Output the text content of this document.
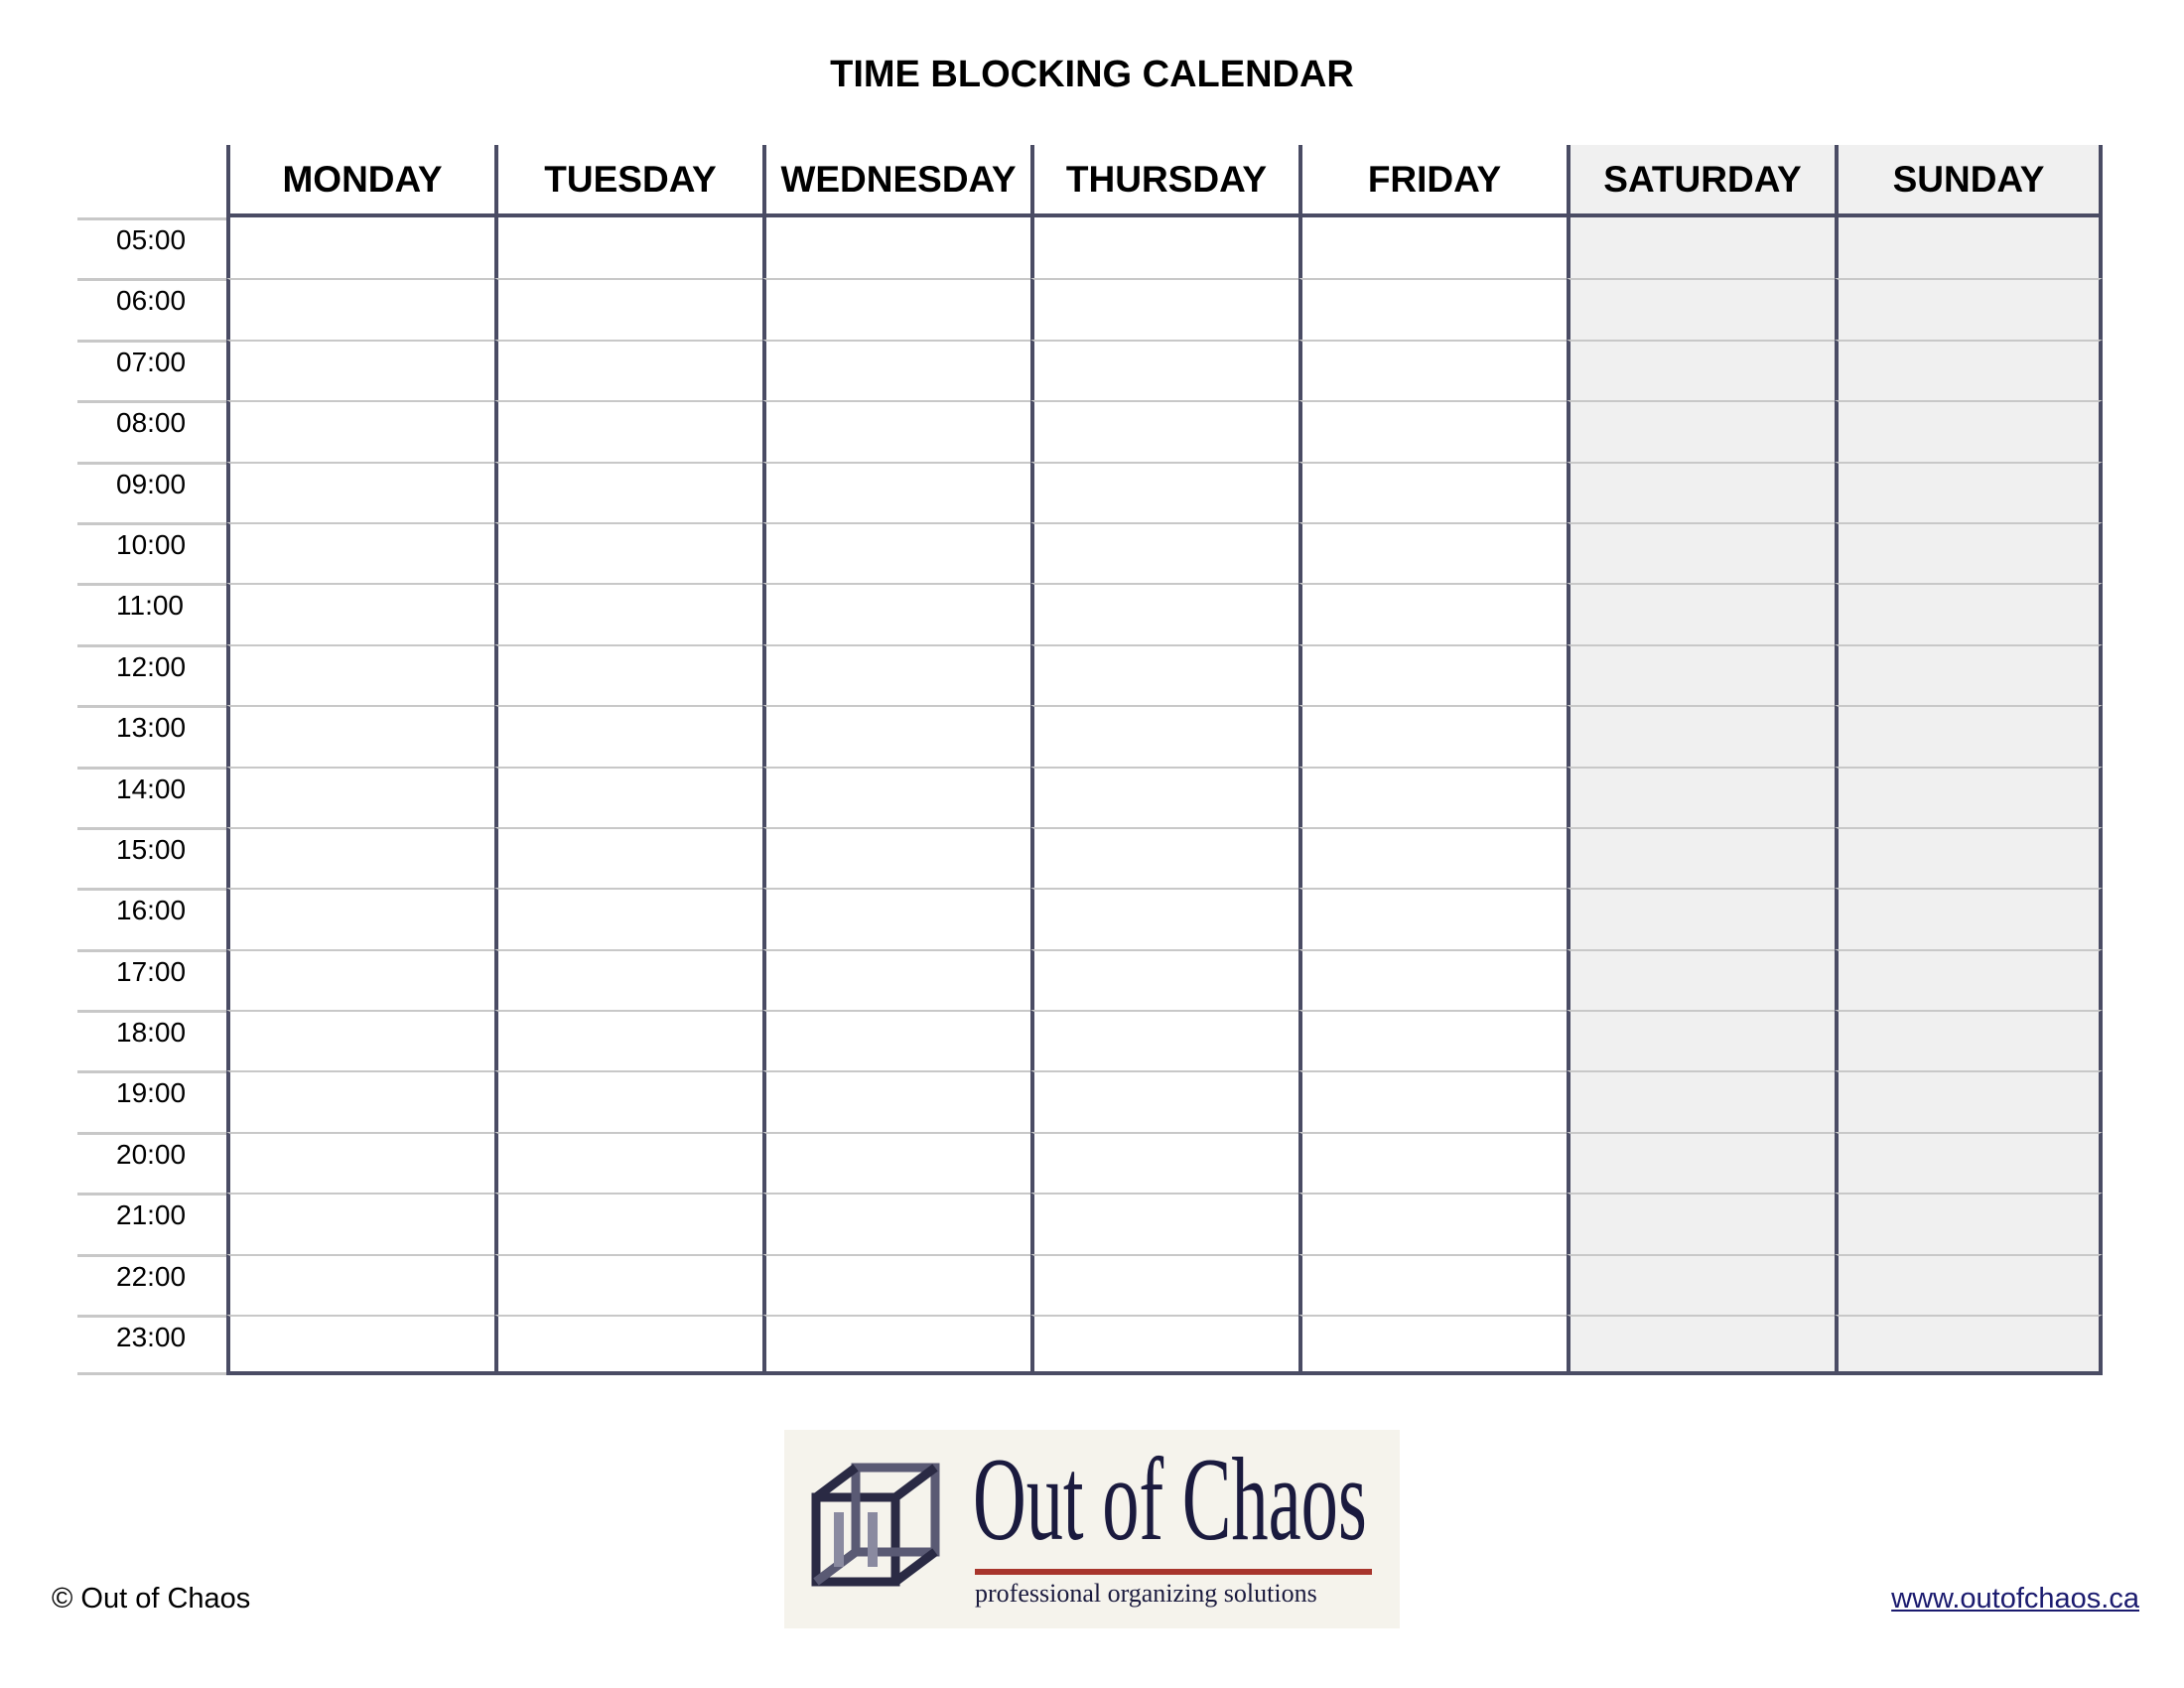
TIME BLOCKING CALENDAR
MONDAY	TUESDAY	WEDNESDAY	THURSDAY	FRIDAY	SATURDAY	SUNDAY
05:00
06:00
07:00
08:00
09:00
10:00
11:00
12:00
13:00
14:00
15:00
16:00
17:00
18:00
19:00
20:00
21:00
22:00
23:00
© Out of Chaos
Out of Chaos
professional organizing solutions	www.outofchaos.ca
